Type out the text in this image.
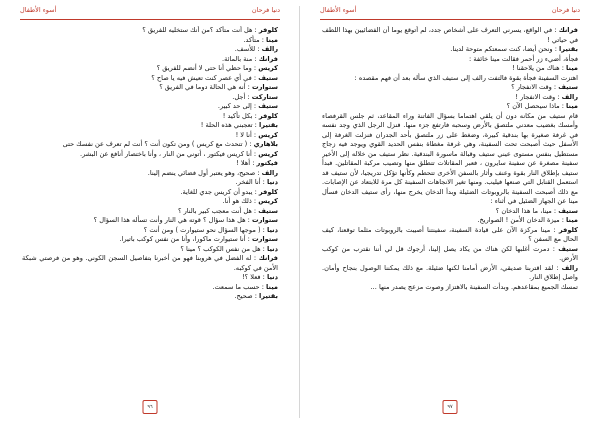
أسوء الأطفال	دنيا فرحان

كلوفر : هل أنت متأكد ؟من أنك ستخليه للفريق ؟

مينا : متأكد.

رالف : للأسف.

فرانك : منة بالمائة.

كريس : وما حظي أنا حتى لا أنضم للفريق ؟

ستيف : في أي عصر كنت تعيش فيه يا صاح ؟

ستوارت : أنه هي الحالة دوما في الفريق ؟

ستاركت : أجل.

ستيف : إلى حد كبير.

كلوفر : بكل تأكيد !

بقتيرا : تعجبني هذه الحلة !

كريس : أنا لا !

بلاهاري : ( تتحدث مع كريس ) ومن تكون أنت ؟ أنت لم تعرف عن نفسك حتى

كريس : أنا كريس فيكتور ، أتوني من النار ، وأنا باختصار أنافع عن البشر.

فيكتور : أهلا !

رالف : صحيح، وهو يعتبر أول فضائي ينضم إلينا.

دنيا : أنا الفخر.

كلوفر : يبدو أن كريس جدي للغاية.

كريس : ذلك هو أنا.

ستيف : هل أنت معجب كبير بالنار ؟

ستوارت : هل هذا سؤال ؟ قوته هي النار وأنت تسأله هذا السؤال ؟

دنيا : ( موجها السؤال نحو ستيوارت ) ومن أنت ؟

ستوارت : أنا ستيوارت ماكورا، وأنا من نفس كوكب باتيرا.

دنيا : هل من نفس الكوكب ؟ مينا ؟

فرانك : له الفضل في هروبنا فهو من أخبرنا بتفاصيل السجن الكوني. وهو من فرصتي شبكة الأمن في كوكبه.

دنيا : فعلا ؟!

مينا : حسب ما سمعت.

بقتيرا : صحيح.

٩٦
أسوء الأطفال	دنيا فرحان

فرانك : في الواقع، يسرني التعرف على أشخاص جدد، لم أتوقع يوما أن الفضائيين بهذا اللطف في حياتي !

بقتيرا : ونحن أيضا، كنت سمعتكم متوحة لدينا.

فجأة، أضيء زر أحمر فقالت مينا خائفة :

مينا : هناك من يلاحقنا !

اهتزت السفينة فجأة بقوة فالتفت رالف إلى ستيف الذي سأله بعد أن فهم مقصده :

ستيف : وقت الانفجار ؟

رالف : وقت الانفجار !

مينا : ماذا سيحصل الآن ؟

قام ستيف من مكانه دون أن يلقي اهتماما بسؤال الفاتنة وراء المقاعد، ثم جلس القرفصاء وأمسك بغضيب معدني ملتصق بالأرض وسحبه فارتفع جزء منها. فنزل الرجل الذي وجد نفسه في غرفة صغيرة بها بندقية كبيرة، وضغط على زر ملتصق بأحد الجدران فنزلت الغرفة إلى الأسفل حيث أصبحت تحت السفينة، وهي غرفة مغطاة بنفس الحديد القوي ويوجد فيه زجاج مستطيل بنفس مستوى عيني ستيف وقبالة ماسورة البندقية. نظر ستيف من خلاله إلى الأخير سفينة مصغرة عن سفينة سايرون ، فعبر المقاتلات تتطلق منها وتصيب مركبة المقاتلين. فبدأ ستيف بإطلاق النار بقوة وعنف وأثار بالسفن الأخرى تتحطم وكأنها تؤكل تدريجيا، لأن ستيف قد استعمل القنابل التي صنعها فيليب. ومنها تغير الانجاهات السفينة كل مرة للابتعاد عن الإصابات. مع ذلك أصبحت السفينة بالروبوتات الضئيلة وبدأ الدخان يخرج منها، رأى ستيف الدخان فسأل مينا عن الجهاز الضئيل في أثناء :

ستيف : مينا، ما هذا الدخان ؟

مينا : ميزة الدخان الأمن ! الصواريخ.

كلوفر : مينا مركزة الآن على قيادة السفينة، سفينتنا أصيبت بالروبوتات مثلما توقعنا، كيف الحال مع السفن ؟

ستيف : دمرت أغلبها لكن هناك من يكاد يصل إلينا، أرجوك قل لي أننا نقترب من كوكب الأرض.

رالف : لقد اقتربنا صديقي، الأرض أمامنا لكنها ضئيلة. مع ذلك يمكننا الوصول بنجاح وأمان. واصل إطلاق النار.

تمسك الجميع بمقاعدهم. وبدأت السفينة بالاهتزاز وصوت مزعج يصدر منها ...

٩٧
